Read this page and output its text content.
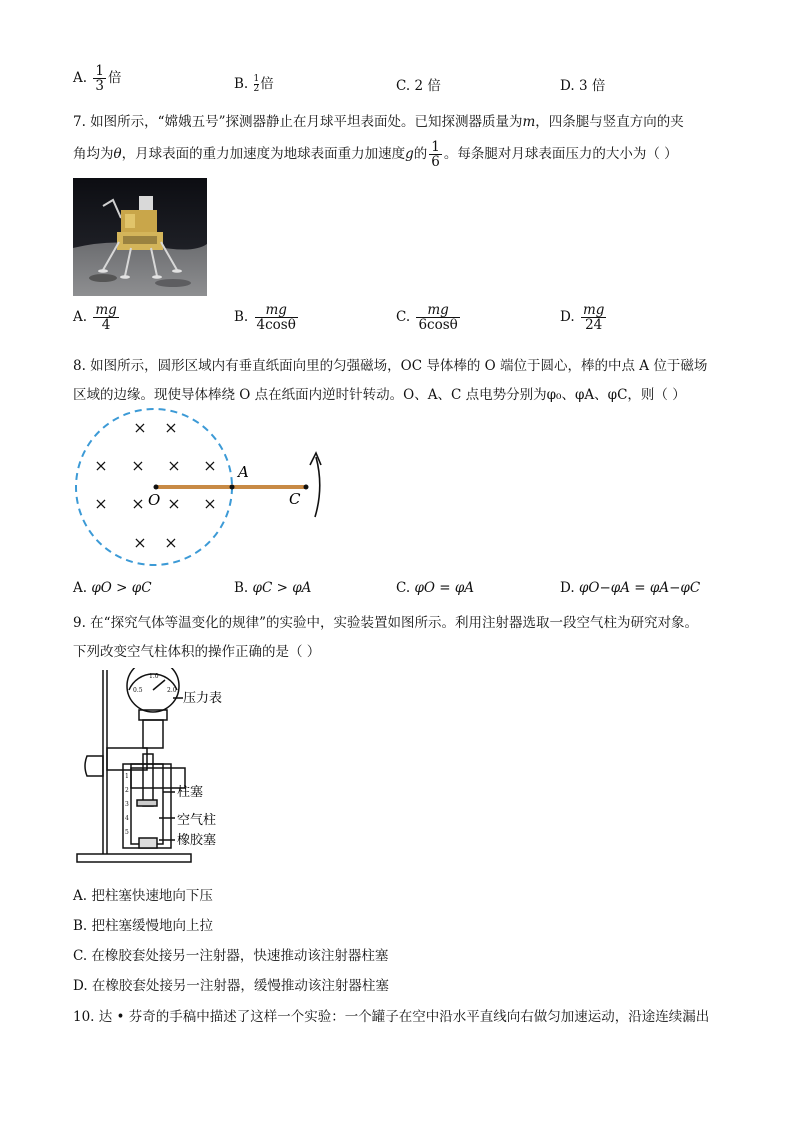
A. $\frac{1}{3}$ 倍	B. $\frac{1}{2}$倍	C. 2 倍	D. 3 倍
7. 如图所示，“嫦娥五号”探测器静止在月球平坦表面处。已知探测器质量为m，四条腿与竖直方向的夹
角均为θ，月球表面的重力加速度为地球表面重力加速度g的 $\frac{1}{6}$ 。每条腿对月球表面压力的大小为（ ）
A. $\frac{mg}{4}$	B. $\frac{mg}{4\cos\theta}$	C. $\frac{mg}{6\cos\theta}$	D. $\frac{mg}{24}$
8. 如图所示，圆形区域内有垂直纸面向里的匀强磁场，OC 导体棒的 O 端位于圆心，棒的中点 A 位于磁场
区域的边缘。现使导体棒绕 O 点在纸面内逆时针转动。O、A、C 点电势分别为φ₀、φA、φC，则（ ）
× ×
× × × ×
× × × ×
× ×
O
A
C
A. φO > φC	B. φC > φA	C. φO = φA	D. φO−φA = φA−φC
9. 在“探究气体等温变化的规律”的实验中，实验装置如图所示。利用注射器选取一段空气柱为研究对象。
下列改变空气柱体积的操作正确的是（ ）
1
2
3
4
5
0.5
1.0
2.0
压力表
柱塞
空气柱
橡胶塞
A. 把柱塞快速地向下压
B. 把柱塞缓慢地向上拉
C. 在橡胶套处接另一注射器，快速推动该注射器柱塞
D. 在橡胶套处接另一注射器，缓慢推动该注射器柱塞
10. 达 • 芬奇的手稿中描述了这样一个实验：一个罐子在空中沿水平直线向右做匀加速运动，沿途连续漏出
